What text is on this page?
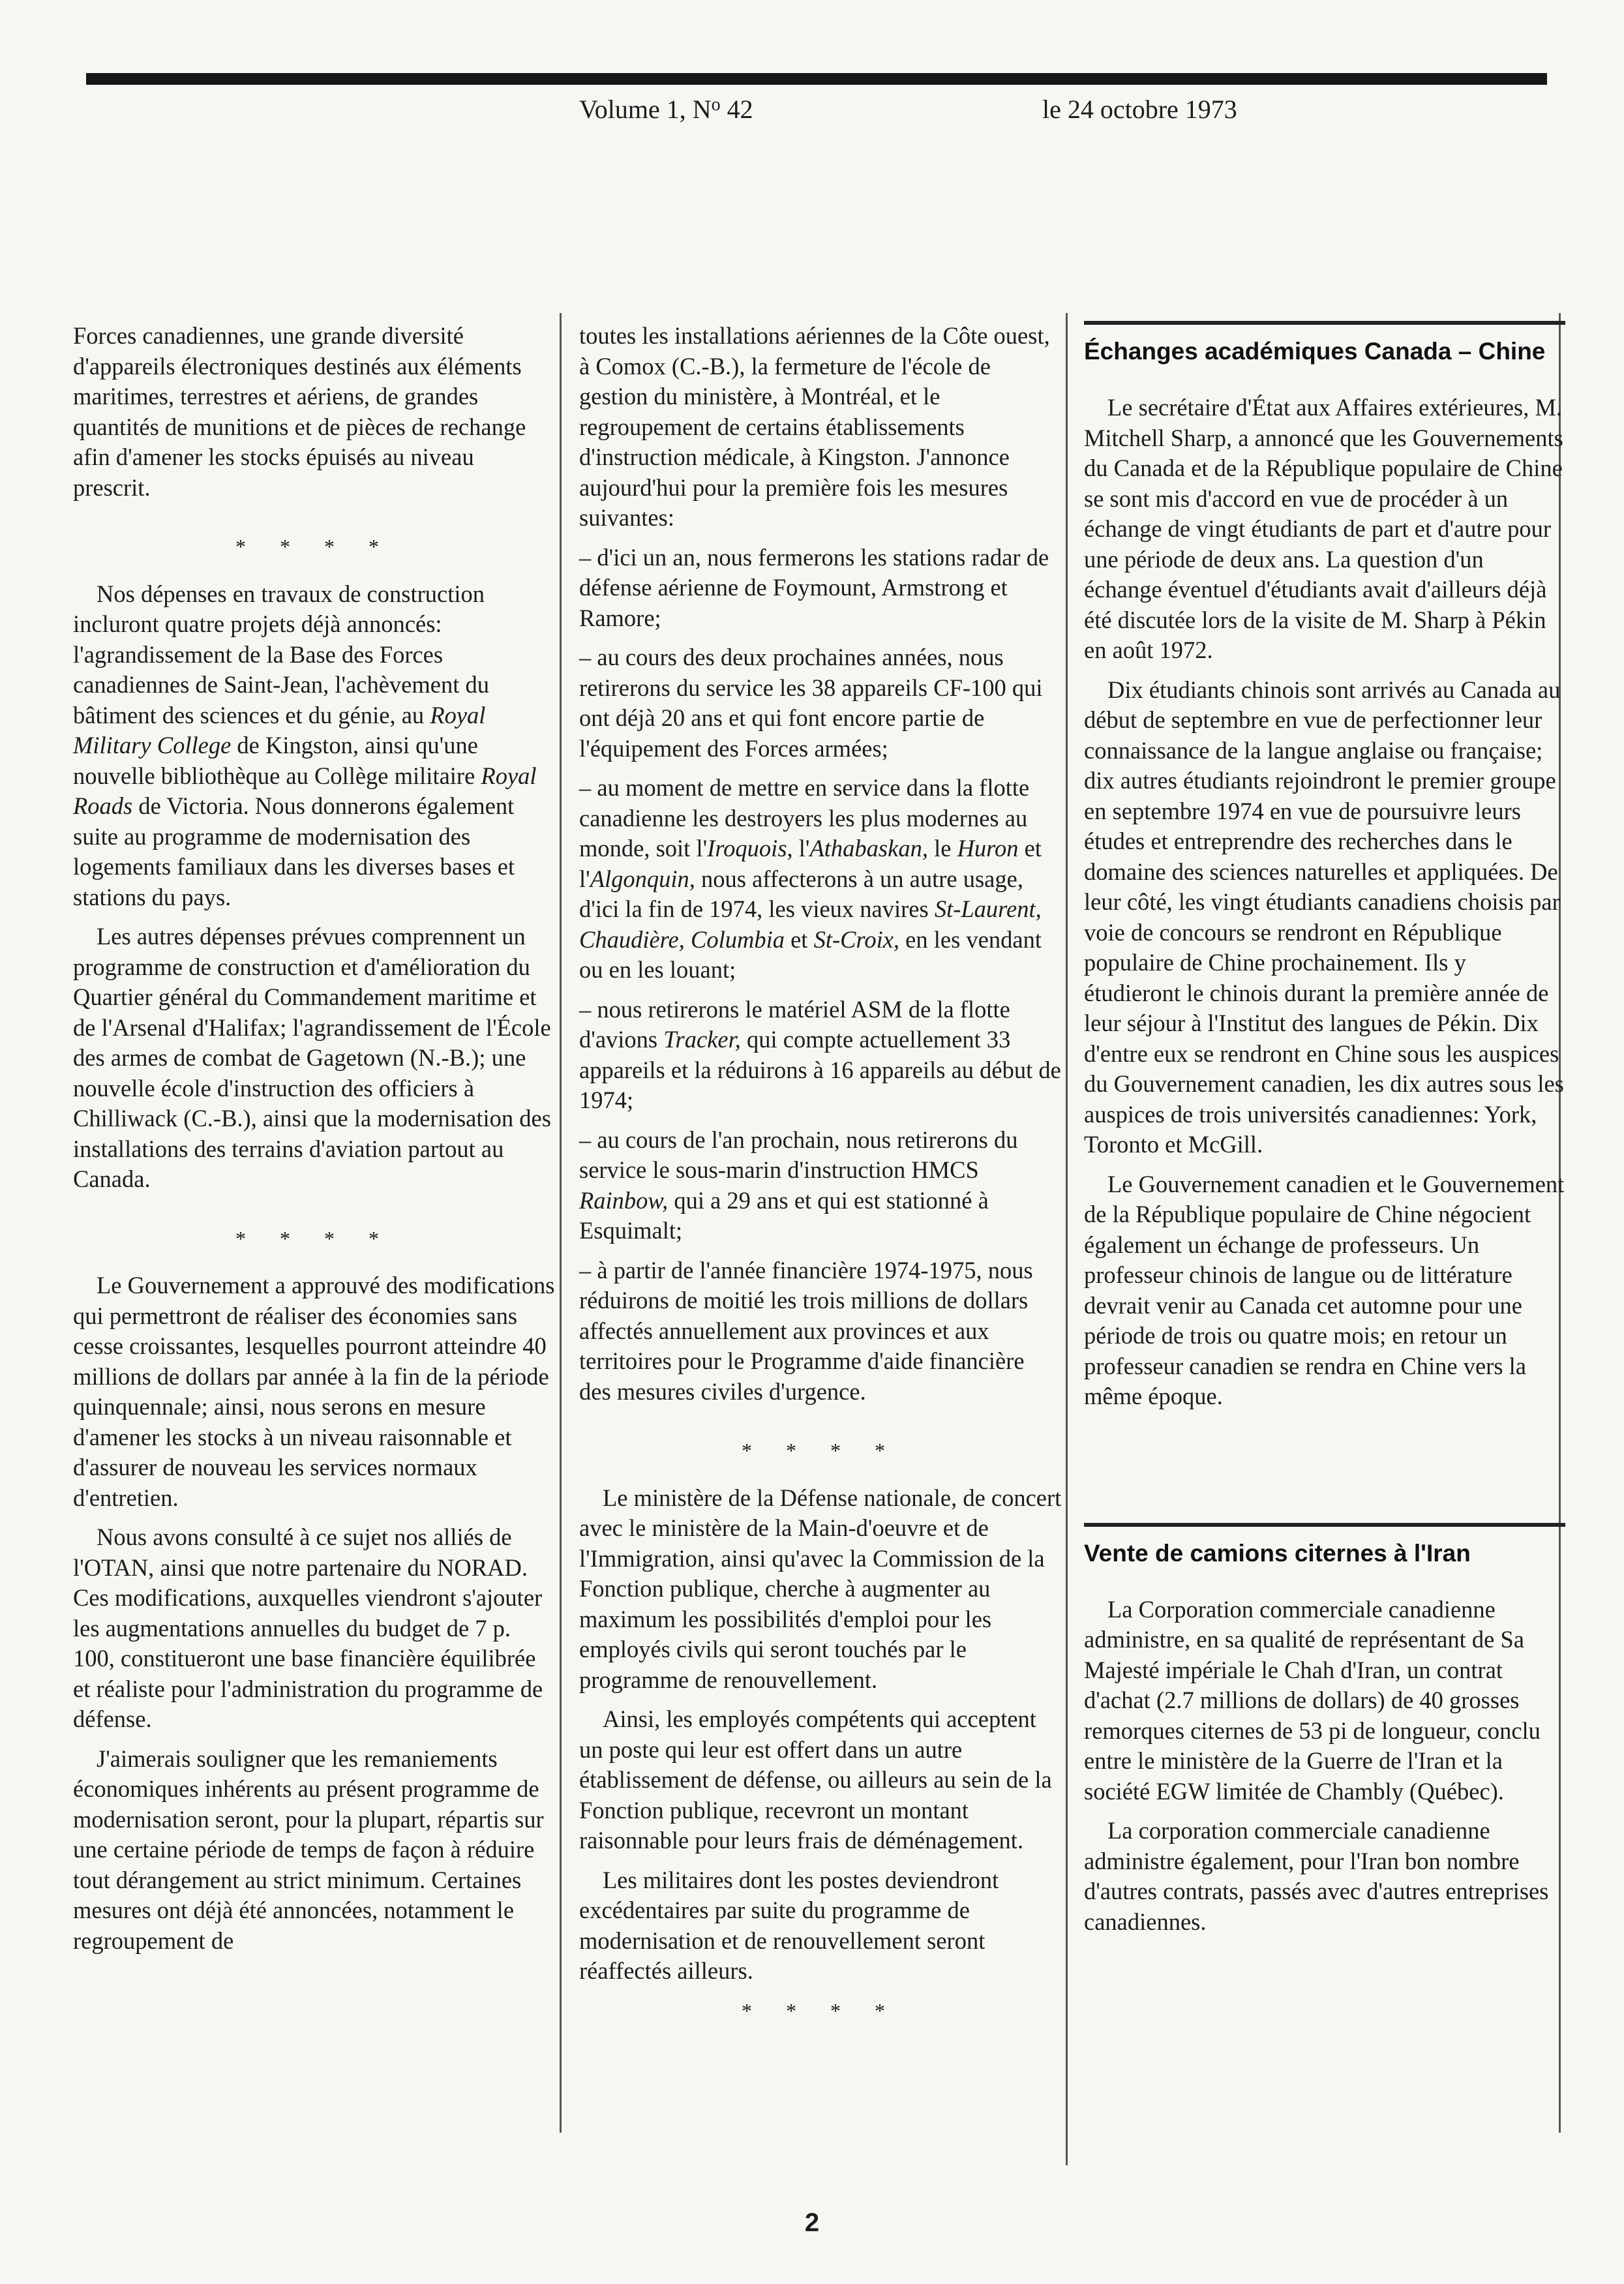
Volume 1, $N^o$ 42	le 24 octobre 1973

Forces canadiennes, une grande diversité d'appareils électroniques destinés aux éléments maritimes, terrestres et aériens, de grandes quantités de munitions et de pièces de rechange afin d'amener les stocks épuisés au niveau prescrit.

* * * *

Nos dépenses en travaux de construction incluront quatre projets déjà annoncés: l'agrandissement de la Base des Forces canadiennes de Saint-Jean, l'achèvement du bâtiment des sciences et du génie, au Royal Military College de Kingston, ainsi qu'une nouvelle bibliothèque au Collège militaire Royal Roads de Victoria. Nous donnerons également suite au programme de modernisation des logements familiaux dans les diverses bases et stations du pays.

Les autres dépenses prévues comprennent un programme de construction et d'amélioration du Quartier général du Commandement maritime et de l'Arsenal d'Halifax; l'agrandissement de l'École des armes de combat de Gagetown (N.-B.); une nouvelle école d'instruction des officiers à Chilliwack (C.-B.), ainsi que la modernisation des installations des terrains d'aviation partout au Canada.

* * * *

Le Gouvernement a approuvé des modifications qui permettront de réaliser des économies sans cesse croissantes, lesquelles pourront atteindre 40 millions de dollars par année à la fin de la période quinquennale; ainsi, nous serons en mesure d'amener les stocks à un niveau raisonnable et d'assurer de nouveau les services normaux d'entretien.

Nous avons consulté à ce sujet nos alliés de l'OTAN, ainsi que notre partenaire du NORAD. Ces modifications, auxquelles viendront s'ajouter les augmentations annuelles du budget de 7 p. 100, constitueront une base financière équilibrée et réaliste pour l'administration du programme de défense.

J'aimerais souligner que les remaniements économiques inhérents au présent programme de modernisation seront, pour la plupart, répartis sur une certaine période de temps de façon à réduire tout dérangement au strict minimum. Certaines mesures ont déjà été annoncées, notamment le regroupement de

toutes les installations aériennes de la Côte ouest, à Comox (C.-B.), la fermeture de l'école de gestion du ministère, à Montréal, et le regroupement de certains établissements d'instruction médicale, à Kingston. J'annonce aujourd'hui pour la première fois les mesures suivantes:

– d'ici un an, nous fermerons les stations radar de défense aérienne de Foymount, Armstrong et Ramore;

– au cours des deux prochaines années, nous retirerons du service les 38 appareils CF-100 qui ont déjà 20 ans et qui font encore partie de l'équipement des Forces armées;

– au moment de mettre en service dans la flotte canadienne les destroyers les plus modernes au monde, soit l'Iroquois, l'Athabaskan, le Huron et l'Algonquin, nous affecterons à un autre usage, d'ici la fin de 1974, les vieux navires St-Laurent, Chaudière, Columbia et St-Croix, en les vendant ou en les louant;

– nous retirerons le matériel ASM de la flotte d'avions Tracker, qui compte actuellement 33 appareils et la réduirons à 16 appareils au début de 1974;

– au cours de l'an prochain, nous retirerons du service le sous-marin d'instruction HMCS Rainbow, qui a 29 ans et qui est stationné à Esquimalt;

– à partir de l'année financière 1974-1975, nous réduirons de moitié les trois millions de dollars affectés annuellement aux provinces et aux territoires pour le Programme d'aide financière des mesures civiles d'urgence.

* * * *

Le ministère de la Défense nationale, de concert avec le ministère de la Main-d'oeuvre et de l'Immigration, ainsi qu'avec la Commission de la Fonction publique, cherche à augmenter au maximum les possibilités d'emploi pour les employés civils qui seront touchés par le programme de renouvellement.

Ainsi, les employés compétents qui acceptent un poste qui leur est offert dans un autre établissement de défense, ou ailleurs au sein de la Fonction publique, recevront un montant raisonnable pour leurs frais de déménagement.

Les militaires dont les postes deviendront excédentaires par suite du programme de modernisation et de renouvellement seront réaffectés ailleurs.

* * * *
Échanges académiques Canada – Chine

Le secrétaire d'État aux Affaires extérieures, M. Mitchell Sharp, a annoncé que les Gouvernements du Canada et de la République populaire de Chine se sont mis d'accord en vue de procéder à un échange de vingt étudiants de part et d'autre pour une période de deux ans. La question d'un échange éventuel d'étudiants avait d'ailleurs déjà été discutée lors de la visite de M. Sharp à Pékin en août 1972.

Dix étudiants chinois sont arrivés au Canada au début de septembre en vue de perfectionner leur connaissance de la langue anglaise ou française; dix autres étudiants rejoindront le premier groupe en septembre 1974 en vue de poursuivre leurs études et entreprendre des recherches dans le domaine des sciences naturelles et appliquées. De leur côté, les vingt étudiants canadiens choisis par voie de concours se rendront en République populaire de Chine prochainement. Ils y étudieront le chinois durant la première année de leur séjour à l'Institut des langues de Pékin. Dix d'entre eux se rendront en Chine sous les auspices du Gouvernement canadien, les dix autres sous les auspices de trois universités canadiennes: York, Toronto et McGill.

Le Gouvernement canadien et le Gouvernement de la République populaire de Chine négocient également un échange de professeurs. Un professeur chinois de langue ou de littérature devrait venir au Canada cet automne pour une période de trois ou quatre mois; en retour un professeur canadien se rendra en Chine vers la même époque.

Vente de camions citernes à l'Iran

La Corporation commerciale canadienne administre, en sa qualité de représentant de Sa Majesté impériale le Chah d'Iran, un contrat d'achat (2.7 millions de dollars) de 40 grosses remorques citernes de 53 pi de longueur, conclu entre le ministère de la Guerre de l'Iran et la société EGW limitée de Chambly (Québec).

La corporation commerciale canadienne administre également, pour l'Iran bon nombre d'autres contrats, passés avec d'autres entreprises canadiennes.

2
